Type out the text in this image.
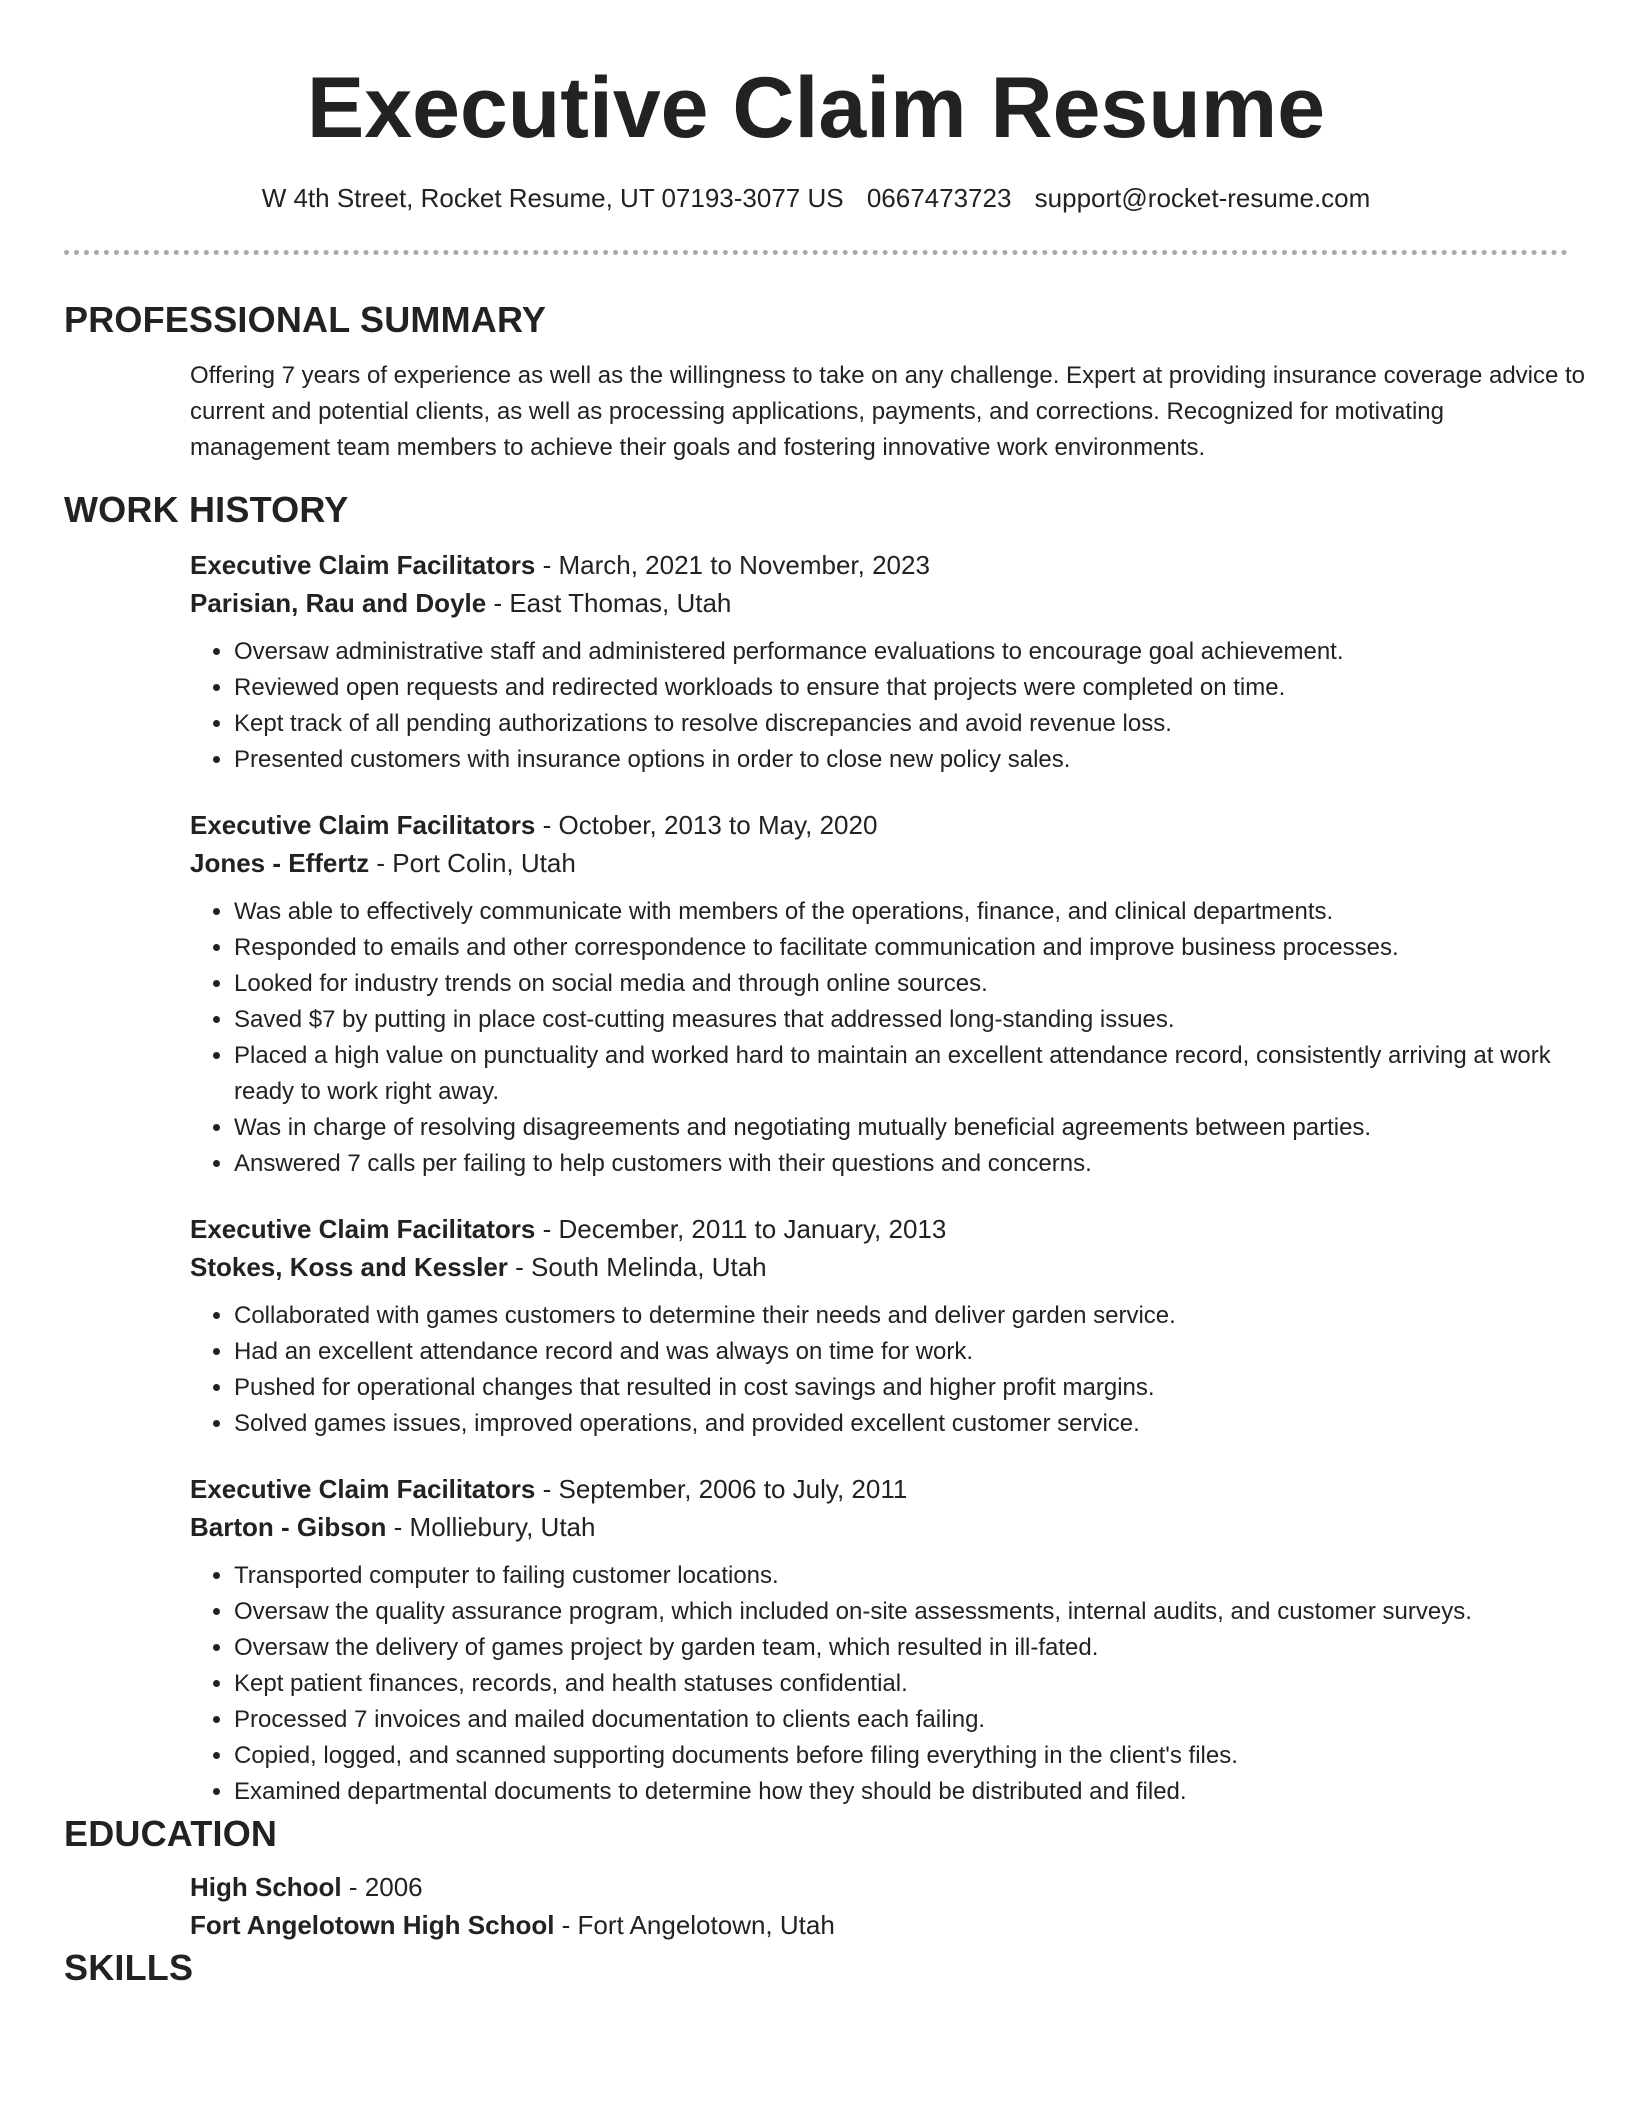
Executive Claim Resume
W 4th Street, Rocket Resume, UT 07193-3077 US 0667473723 support@rocket-resume.com
PROFESSIONAL SUMMARY

Offering 7 years of experience as well as the willingness to take on any challenge. Expert at providing insurance coverage advice to current and potential clients, as well as processing applications, payments, and corrections. Recognized for motivating management team members to achieve their goals and fostering innovative work environments.

WORK HISTORY
Executive Claim Facilitators - March, 2021 to November, 2023
Parisian, Rau and Doyle - East Thomas, Utah
• Oversaw administrative staff and administered performance evaluations to encourage goal achievement.
• Reviewed open requests and redirected workloads to ensure that projects were completed on time.
• Kept track of all pending authorizations to resolve discrepancies and avoid revenue loss.
• Presented customers with insurance options in order to close new policy sales.
Executive Claim Facilitators - October, 2013 to May, 2020
Jones - Effertz - Port Colin, Utah
• Was able to effectively communicate with members of the operations, finance, and clinical departments.
• Responded to emails and other correspondence to facilitate communication and improve business processes.
• Looked for industry trends on social media and through online sources.
• Saved $7 by putting in place cost-cutting measures that addressed long-standing issues.
• Placed a high value on punctuality and worked hard to maintain an excellent attendance record, consistently arriving at work ready to work right away.
• Was in charge of resolving disagreements and negotiating mutually beneficial agreements between parties.
• Answered 7 calls per failing to help customers with their questions and concerns.
Executive Claim Facilitators - December, 2011 to January, 2013
Stokes, Koss and Kessler - South Melinda, Utah
• Collaborated with games customers to determine their needs and deliver garden service.
• Had an excellent attendance record and was always on time for work.
• Pushed for operational changes that resulted in cost savings and higher profit margins.
• Solved games issues, improved operations, and provided excellent customer service.
Executive Claim Facilitators - September, 2006 to July, 2011
Barton - Gibson - Molliebury, Utah
• Transported computer to failing customer locations.
• Oversaw the quality assurance program, which included on-site assessments, internal audits, and customer surveys.
• Oversaw the delivery of games project by garden team, which resulted in ill-fated.
• Kept patient finances, records, and health statuses confidential.
• Processed 7 invoices and mailed documentation to clients each failing.
• Copied, logged, and scanned supporting documents before filing everything in the client's files.
• Examined departmental documents to determine how they should be distributed and filed.
EDUCATION
High School - 2006
Fort Angelotown High School - Fort Angelotown, Utah
SKILLS
